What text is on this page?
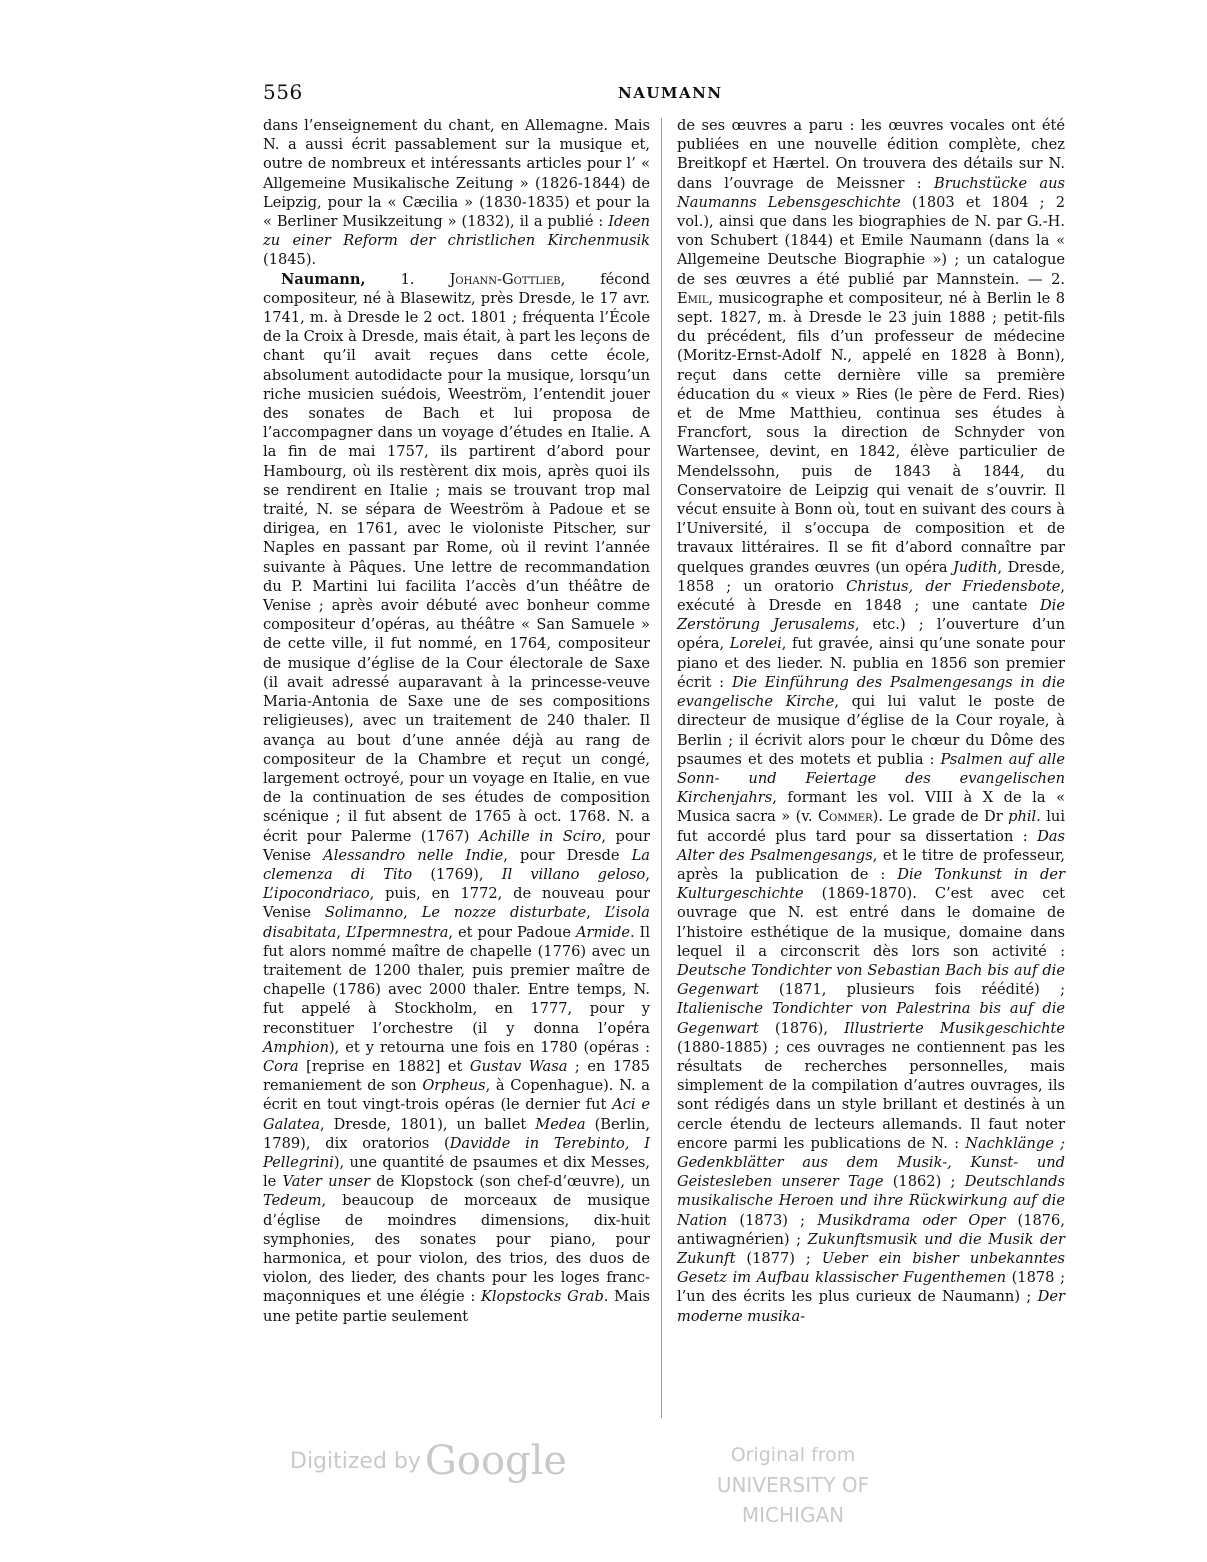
556	NAUMANN

dans l’enseignement du chant, en Allemagne. Mais N. a aussi écrit passablement sur la musique et, outre de nombreux et intéressants articles pour l’ « Allgemeine Musikalische Zeitung » (1826-1844) de Leipzig, pour la « Cæcilia » (1830-1835) et pour la « Berliner Musikzeitung » (1832), il a publié : Ideen zu einer Reform der christlichen Kirchenmusik (1845).

Naumann, 1. Johann-Gottlieb, fécond compositeur, né à Blasewitz, près Dresde, le 17 avr. 1741, m. à Dresde le 2 oct. 1801 ; fréquenta l’École de la Croix à Dresde, mais était, à part les leçons de chant qu’il avait reçues dans cette école, absolument autodidacte pour la musique, lorsqu’un riche musicien suédois, Weeström, l’entendit jouer des sonates de Bach et lui proposa de l’accompagner dans un voyage d’études en Italie. A la fin de mai 1757, ils partirent d’abord pour Hambourg, où ils restèrent dix mois, après quoi ils se rendirent en Italie ; mais se trouvant trop mal traité, N. se sépara de Weeström à Padoue et se dirigea, en 1761, avec le violoniste Pitscher, sur Naples en passant par Rome, où il revint l’année suivante à Pâques. Une lettre de recommandation du P. Martini lui facilita l’accès d’un théâtre de Venise ; après avoir débuté avec bonheur comme compositeur d’opéras, au théâtre « San Samuele » de cette ville, il fut nommé, en 1764, compositeur de musique d’église de la Cour électorale de Saxe (il avait adressé auparavant à la princesse-veuve Maria-Antonia de Saxe une de ses compositions religieuses), avec un traitement de 240 thaler. Il avança au bout d’une année déjà au rang de compositeur de la Chambre et reçut un congé, largement octroyé, pour un voyage en Italie, en vue de la continuation de ses études de composition scénique ; il fut absent de 1765 à oct. 1768. N. a écrit pour Palerme (1767) Achille in Sciro, pour Venise Alessandro nelle Indie, pour Dresde La clemenza di Tito (1769), Il villano geloso, L’ipocondriaco, puis, en 1772, de nouveau pour Venise Solimanno, Le nozze disturbate, L’isola disabitata, L’Ipermnestra, et pour Padoue Armide. Il fut alors nommé maître de chapelle (1776) avec un traitement de 1200 thaler, puis premier maître de chapelle (1786) avec 2000 thaler. Entre temps, N. fut appelé à Stockholm, en 1777, pour y reconstituer l’orchestre (il y donna l’opéra Amphion), et y retourna une fois en 1780 (opéras : Cora [reprise en 1882] et Gustav Wasa ; en 1785 remaniement de son Orpheus, à Copenhague). N. a écrit en tout vingt-trois opéras (le dernier fut Aci e Galatea, Dresde, 1801), un ballet Medea (Berlin, 1789), dix oratorios (Davidde in Terebinto, I Pellegrini), une quantité de psaumes et dix Messes, le Vater unser de Klopstock (son chef-d’œuvre), un Tedeum, beaucoup de morceaux de musique d’église de moindres dimensions, dix-huit symphonies, des sonates pour piano, pour harmonica, et pour violon, des trios, des duos de violon, des lieder, des chants pour les loges franc-maçonniques et une élégie : Klopstocks Grab. Mais une petite partie seulement

de ses œuvres a paru : les œuvres vocales ont été publiées en une nouvelle édition complète, chez Breitkopf et Hærtel. On trouvera des détails sur N. dans l’ouvrage de Meissner : Bruchstücke aus Naumanns Lebensgeschichte (1803 et 1804 ; 2 vol.), ainsi que dans les biographies de N. par G.-H. von Schubert (1844) et Emile Naumann (dans la « Allgemeine Deutsche Biographie ») ; un catalogue de ses œuvres a été publié par Mannstein. — 2. Emil, musicographe et compositeur, né à Berlin le 8 sept. 1827, m. à Dresde le 23 juin 1888 ; petit-fils du précédent, fils d’un professeur de médecine (Moritz-Ernst-Adolf N., appelé en 1828 à Bonn), reçut dans cette dernière ville sa première éducation du « vieux » Ries (le père de Ferd. Ries) et de Mme Matthieu, continua ses études à Francfort, sous la direction de Schnyder von Wartensee, devint, en 1842, élève particulier de Mendelssohn, puis de 1843 à 1844, du Conservatoire de Leipzig qui venait de s’ouvrir. Il vécut ensuite à Bonn où, tout en suivant des cours à l’Université, il s’occupa de composition et de travaux littéraires. Il se fit d’abord connaître par quelques grandes œuvres (un opéra Judith, Dresde, 1858 ; un oratorio Christus, der Friedensbote, exécuté à Dresde en 1848 ; une cantate Die Zerstörung Jerusalems, etc.) ; l’ouverture d’un opéra, Lorelei, fut gravée, ainsi qu’une sonate pour piano et des lieder. N. publia en 1856 son premier écrit : Die Einführung des Psalmengesangs in die evangelische Kirche, qui lui valut le poste de directeur de musique d’église de la Cour royale, à Berlin ; il écrivit alors pour le chœur du Dôme des psaumes et des motets et publia : Psalmen auf alle Sonn- und Feiertage des evangelischen Kirchenjahrs, formant les vol. VIII à X de la « Musica sacra » (v. Commer). Le grade de Dr phil. lui fut accordé plus tard pour sa dissertation : Das Alter des Psalmengesangs, et le titre de professeur, après la publication de : Die Tonkunst in der Kulturgeschichte (1869-1870). C’est avec cet ouvrage que N. est entré dans le domaine de l’histoire esthétique de la musique, domaine dans lequel il a circonscrit dès lors son activité : Deutsche Tondichter von Sebastian Bach bis auf die Gegenwart (1871, plusieurs fois réédité) ; Italienische Tondichter von Palestrina bis auf die Gegenwart (1876), Illustrierte Musikgeschichte (1880-1885) ; ces ouvrages ne contiennent pas les résultats de recherches personnelles, mais simplement de la compilation d’autres ouvrages, ils sont rédigés dans un style brillant et destinés à un cercle étendu de lecteurs allemands. Il faut noter encore parmi les publications de N. : Nachklänge ; Gedenkblätter aus dem Musik-, Kunst- und Geistesleben unserer Tage (1862) ; Deutschlands musikalische Heroen und ihre Rückwirkung auf die Nation (1873) ; Musikdrama oder Oper (1876, antiwagnérien) ; Zukunftsmusik und die Musik der Zukunft (1877) ; Ueber ein bisher unbekanntes Gesetz im Aufbau klassischer Fugenthemen (1878 ; l’un des écrits les plus curieux de Naumann) ; Der moderne musika-

Digitized by Google	Original from
UNIVERSITY OF MICHIGAN
